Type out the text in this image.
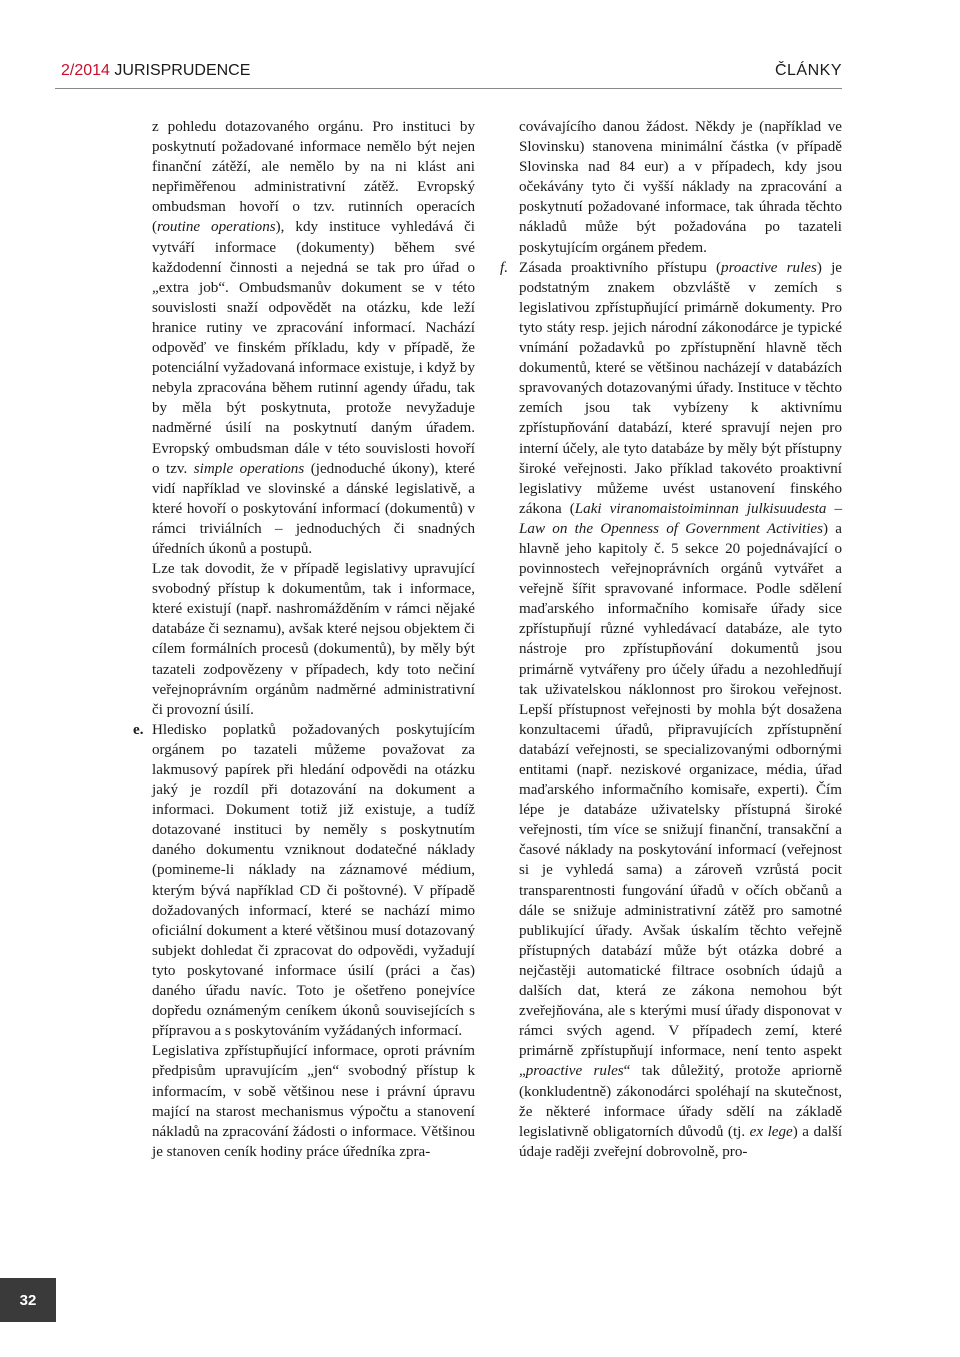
2/2014 JURISPRUDENCE	ČLÁNKY

z pohledu dotazovaného orgánu. Pro instituci by poskytnutí požadované informace nemělo být nejen finanční zátěží, ale nemělo by na ni klást ani nepřiměřenou administrativní zátěž. Evropský ombudsman hovoří o tzv. rutinních operacích (routine operations), kdy instituce vyhledává či vytváří informace (dokumenty) během své každodenní činnosti a nejedná se tak pro úřad o „extra job“. Ombudsmanův dokument se v této souvislosti snaží odpovědět na otázku, kde leží hranice rutiny ve zpracování informací. Nachází odpověď ve finském příkladu, kdy v případě, že potenciální vyžadovaná informace existuje, i když by nebyla zpracována během rutinní agendy úřadu, tak by měla být poskytnuta, protože nevyžaduje nadměrné úsilí na poskytnutí daným úřadem. Evropský ombudsman dále v této souvislosti hovoří o tzv. simple operations (jednoduché úkony), které vidí například ve slovinské a dánské legislativě, a které hovoří o poskytování informací (dokumentů) v rámci triviálních – jednoduchých či snadných úředních úkonů a postupů.

Lze tak dovodit, že v případě legislativy upravující svobodný přístup k dokumentům, tak i informace, které existují (např. nashromážděním v rámci nějaké databáze či seznamu), avšak které nejsou objektem či cílem formálních procesů (dokumentů), by měly být tazateli zodpovězeny v případech, kdy toto nečiní veřejnoprávním orgánům nadměrné administrativní či provozní úsilí.

e. Hledisko poplatků požadovaných poskytujícím orgánem po tazateli můžeme považovat za lakmusový papírek při hledání odpovědi na otázku jaký je rozdíl při dotazování na dokument a informaci. Dokument totiž již existuje, a tudíž dotazované instituci by neměly s poskytnutím daného dokumentu vzniknout dodatečné náklady (pomineme-li náklady na záznamové médium, kterým bývá například CD či poštovné). V případě dožadovaných informací, které se nachází mimo oficiální dokument a které většinou musí dotazovaný subjekt dohledat či zpracovat do odpovědi, vyžadují tyto poskytované informace úsilí (práci a čas) daného úřadu navíc. Toto je ošetřeno ponejvíce dopředu oznámeným ceníkem úkonů souvisejících s přípravou a s poskytováním vyžádaných informací.

Legislativa zpřístupňující informace, oproti právním předpisům upravujícím „jen“ svobodný přístup k informacím, v sobě většinou nese i právní úpravu mající na starost mechanismus výpočtu a stanovení nákladů na zpracování žádosti o informace. Většinou je stanoven ceník hodiny práce úředníka zpra-

covávajícího danou žádost. Někdy je (například ve Slovinsku) stanovena minimální částka (v případě Slovinska nad 84 eur) a v případech, kdy jsou očekávány tyto či vyšší náklady na zpracování a poskytnutí požadované informace, tak úhrada těchto nákladů může být požadována po tazateli poskytujícím orgánem předem.

f. Zásada proaktivního přístupu (proactive rules) je podstatným znakem obzvláště v zemích s legislativou zpřístupňující primárně dokumenty. Pro tyto státy resp. jejich národní zákonodárce je typické vnímání požadavků po zpřístupnění hlavně těch dokumentů, které se většinou nacházejí v databázích spravovaných dotazovanými úřady. Instituce v těchto zemích jsou tak vybízeny k aktivnímu zpřístupňování databází, které spravují nejen pro interní účely, ale tyto databáze by měly být přístupny široké veřejnosti. Jako příklad takovéto proaktivní legislativy můžeme uvést ustanovení finského zákona (Laki viranomaistoiminnan julkisuudesta – Law on the Openness of Government Activities) a hlavně jeho kapitoly č. 5 sekce 20 pojednávající o povinnostech veřejnoprávních orgánů vytvářet a veřejně šířit spravované informace. Podle sdělení maďarského informačního komisaře úřady sice zpřístupňují různé vyhledávací databáze, ale tyto nástroje pro zpřístupňování dokumentů jsou primárně vytvářeny pro účely úřadu a nezohledňují tak uživatelskou náklonnost pro širokou veřejnost. Lepší přístupnost veřejnosti by mohla být dosažena konzultacemi úřadů, připravujících zpřístupnění databází veřejnosti, se specializovanými odbornými entitami (např. neziskové organizace, média, úřad maďarského informačního komisaře, experti). Čím lépe je databáze uživatelsky přístupná široké veřejnosti, tím více se snižují finanční, transakční a časové náklady na poskytování informací (veřejnost si je vyhledá sama) a zároveň vzrůstá pocit transparentnosti fungování úřadů v očích občanů a dále se snižuje administrativní zátěž pro samotné publikující úřady. Avšak úskalím těchto veřejně přístupných databází může být otázka dobré a nejčastěji automatické filtrace osobních údajů a dalších dat, která ze zákona nemohou být zveřejňována, ale s kterými musí úřady disponovat v rámci svých agend. V případech zemí, které primárně zpřístupňují informace, není tento aspekt „proactive rules“ tak důležitý, protože apriorně (konkludentně) zákonodárci spoléhají na skutečnost, že některé informace úřady sdělí na základě legislativně obligatorních důvodů (tj. ex lege) a další údaje raději zveřejní dobrovolně, pro-

32
